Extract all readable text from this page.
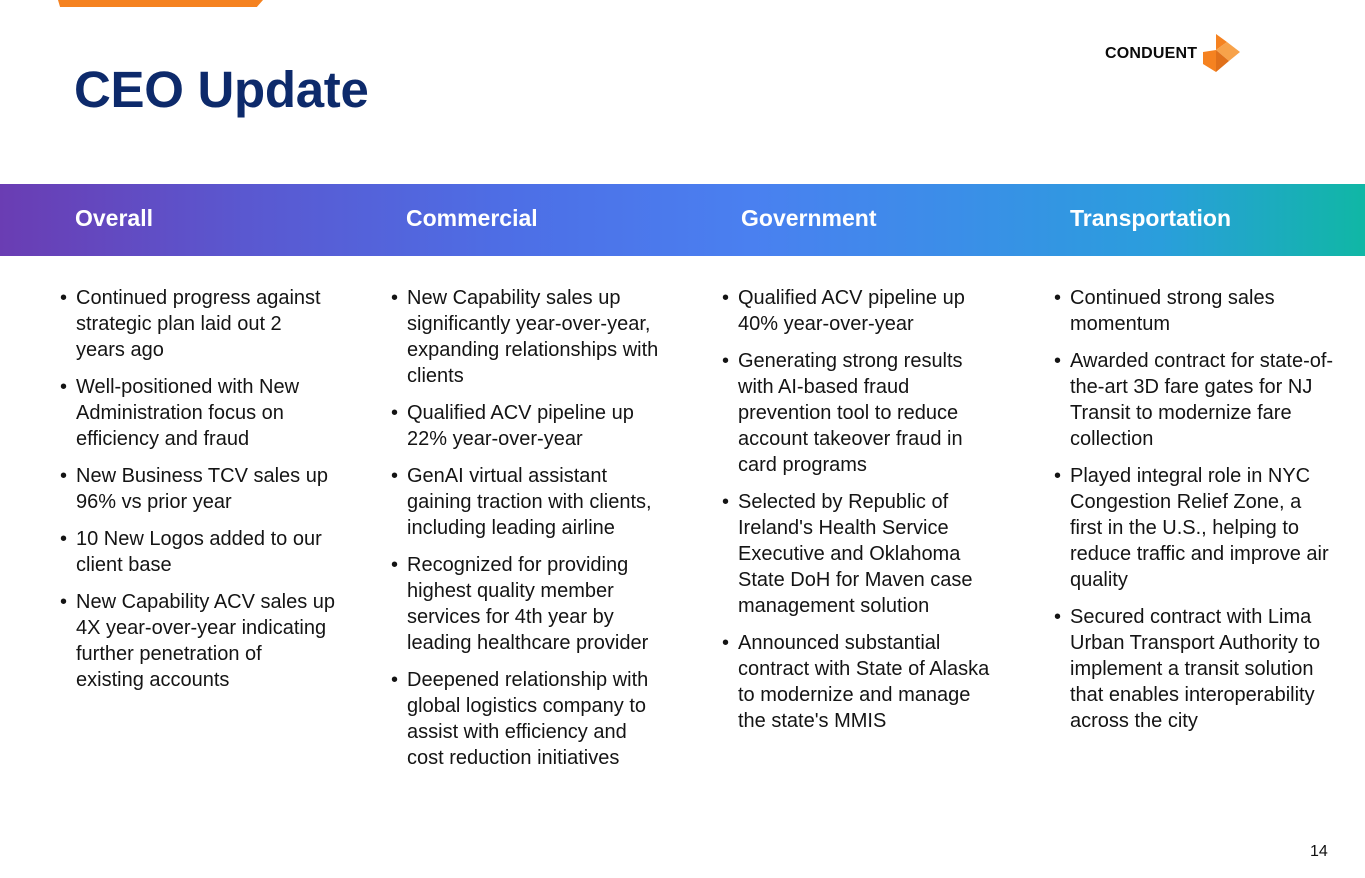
CONDUENT
CEO Update
Overall	Commercial	Government	Transportation
• Continued progress against strategic plan laid out 2 years ago
• Well-positioned with New Administration focus on efficiency and fraud
• New Business TCV sales up 96% vs prior year
• 10 New Logos added to our client base
• New Capability ACV sales up 4X year-over-year indicating further penetration of existing accounts
• New Capability sales up significantly year-over-year, expanding relationships with clients
• Qualified ACV pipeline up 22% year-over-year
• GenAI virtual assistant gaining traction with clients, including leading airline
• Recognized for providing highest quality member services for 4th year by leading healthcare provider
• Deepened relationship with global logistics company to assist with efficiency and cost reduction initiatives
• Qualified ACV pipeline up 40% year-over-year
• Generating strong results with AI-based fraud prevention tool to reduce account takeover fraud in card programs
• Selected by Republic of Ireland's Health Service Executive and Oklahoma State DoH for Maven case management solution
• Announced substantial contract with State of Alaska to modernize and manage the state's MMIS
• Continued strong sales momentum
• Awarded contract for state-of-the-art 3D fare gates for NJ Transit to modernize fare collection
• Played integral role in NYC Congestion Relief Zone, a first in the U.S., helping to reduce traffic and improve air quality
• Secured contract with Lima Urban Transport Authority to implement a transit solution that enables interoperability across the city
14
